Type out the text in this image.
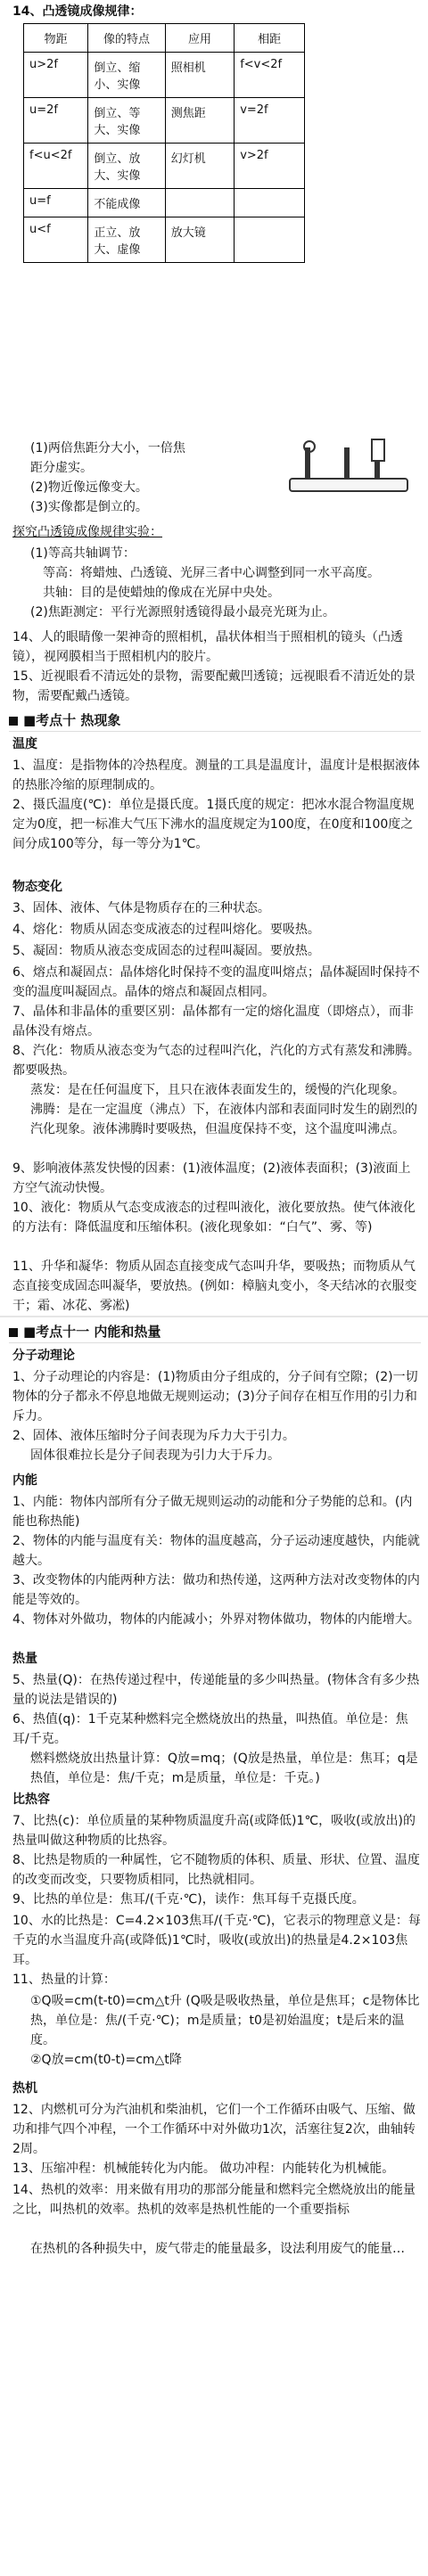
14、凸透镜成像规律：
物距	像的特点	应用	相距
u>2f	倒立、缩小、实像	照相机	f<v<2f
u=2f	倒立、等大、实像	测焦距	v=2f
f<u<2f	倒立、放大、实像	幻灯机	v>2f
u=f	不能成像		
u<f	正立、放大、虚像	放大镜	
(1)两倍焦距分大小，一倍焦
距分虚实。
(2)物近像远像变大。
(3)实像都是倒立的。
探究凸透镜成像规律实验：
(1)等高共轴调节：
等高：将蜡烛、凸透镜、光屏三者中心调整到同一水平高度。
共轴：目的是使蜡烛的像成在光屏中央处。
(2)焦距测定：平行光源照射透镜得最小最亮光斑为止。
14、人的眼睛像一架神奇的照相机，晶状体相当于照相机的镜头（凸透镜），视网膜相当于照相机内的胶片。
15、近视眼看不清远处的景物，需要配戴凹透镜；远视眼看不清近处的景物，需要配戴凸透镜。
■考点十 热现象
温度
1、温度：是指物体的冷热程度。测量的工具是温度计，温度计是根据液体的热胀冷缩的原理制成的。
2、摄氏温度(℃)：单位是摄氏度。1摄氏度的规定：把冰水混合物温度规定为0度，把一标准大气压下沸水的温度规定为100度，在0度和100度之间分成100等分，每一等分为1℃。
物态变化
3、固体、液体、气体是物质存在的三种状态。
4、熔化：物质从固态变成液态的过程叫熔化。要吸热。
5、凝固：物质从液态变成固态的过程叫凝固。要放热。
6、熔点和凝固点：晶体熔化时保持不变的温度叫熔点；晶体凝固时保持不变的温度叫凝固点。晶体的熔点和凝固点相同。
7、晶体和非晶体的重要区别：晶体都有一定的熔化温度（即熔点），而非晶体没有熔点。
8、汽化：物质从液态变为气态的过程叫汽化，汽化的方式有蒸发和沸腾。都要吸热。
蒸发：是在任何温度下，且只在液体表面发生的，缓慢的汽化现象。
沸腾：是在一定温度（沸点）下，在液体内部和表面同时发生的剧烈的汽化现象。液体沸腾时要吸热，但温度保持不变，这个温度叫沸点。
9、影响液体蒸发快慢的因素：(1)液体温度；(2)液体表面积；(3)液面上方空气流动快慢。
10、液化：物质从气态变成液态的过程叫液化，液化要放热。使气体液化的方法有：降低温度和压缩体积。(液化现象如：“白气”、雾、等)
11、升华和凝华：物质从固态直接变成气态叫升华，要吸热；而物质从气态直接变成固态叫凝华，要放热。(例如：樟脑丸变小，冬天结冰的衣服变干；霜、冰花、雾凇)
■考点十一 内能和热量
分子动理论
1、分子动理论的内容是：(1)物质由分子组成的，分子间有空隙；(2)一切物体的分子都永不停息地做无规则运动；(3)分子间存在相互作用的引力和斥力。
2、固体、液体压缩时分子间表现为斥力大于引力。
固体很难拉长是分子间表现为引力大于斥力。
内能
1、内能：物体内部所有分子做无规则运动的动能和分子势能的总和。(内能也称热能)
2、物体的内能与温度有关：物体的温度越高，分子运动速度越快，内能就越大。
3、改变物体的内能两种方法：做功和热传递，这两种方法对改变物体的内能是等效的。
4、物体对外做功，物体的内能减小；外界对物体做功，物体的内能增大。
热量
5、热量(Q)：在热传递过程中，传递能量的多少叫热量。(物体含有多少热量的说法是错误的)
6、热值(q)：1千克某种燃料完全燃烧放出的热量，叫热值。单位是：焦耳/千克。
燃料燃烧放出热量计算：Q放=mq；(Q放是热量，单位是：焦耳；q是热值，单位是：焦/千克；m是质量，单位是：千克。)
比热容
7、比热(c)：单位质量的某种物质温度升高(或降低)1℃，吸收(或放出)的热量叫做这种物质的比热容。
8、比热是物质的一种属性，它不随物质的体积、质量、形状、位置、温度的改变而改变，只要物质相同，比热就相同。
9、比热的单位是：焦耳/(千克·℃)，读作：焦耳每千克摄氏度。
10、水的比热是：C=4.2×103焦耳/(千克·℃)，它表示的物理意义是：每千克的水当温度升高(或降低)1℃时，吸收(或放出)的热量是4.2×103焦耳。
11、热量的计算：
①Q吸=cm(t-t0)=cm△t升 (Q吸是吸收热量，单位是焦耳；c是物体比热，单位是：焦/(千克·℃)；m是质量；t0是初始温度；t是后来的温度。
②Q放=cm(t0-t)=cm△t降
热机
12、内燃机可分为汽油机和柴油机，它们一个工作循环由吸气、压缩、做功和排气四个冲程，一个工作循环中对外做功1次，活塞往复2次，曲轴转2周。
13、压缩冲程：机械能转化为内能。 做功冲程：内能转化为机械能。
14、热机的效率：用来做有用功的那部分能量和燃料完全燃烧放出的能量之比，叫热机的效率。热机的效率是热机性能的一个重要指标
在热机的各种损失中，废气带走的能量最多，设法利用废气的能量…
